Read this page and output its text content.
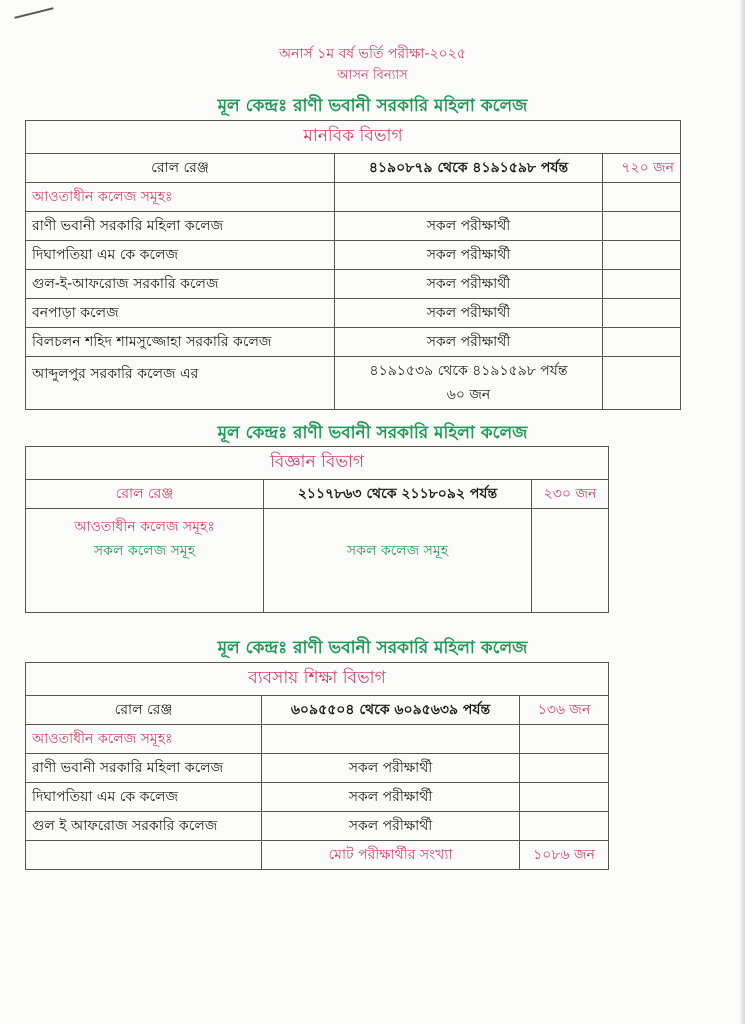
অনার্স ১ম বর্ষ ভর্তি পরীক্ষা-২০২৫
আসন বিন্যাস
মূল কেন্দ্রঃ রাণী ভবানী সরকারি মহিলা কলেজ
মানবিক বিভাগ		
রোল রেঞ্জ	৪১৯০৮৭৯ থেকে ৪১৯১৫৯৮ পর্যন্ত	৭২০ জন
আওতাধীন কলেজ সমূহঃ		
রাণী ভবানী সরকারি মহিলা কলেজ	সকল পরীক্ষার্থী	
দিঘাপতিয়া এম কে কলেজ	সকল পরীক্ষার্থী	
গুল-ই-আফরোজ সরকারি কলেজ	সকল পরীক্ষার্থী	
বনপাড়া কলেজ	সকল পরীক্ষার্থী	
বিলচলন শহিদ শামসুজ্জোহা সরকারি কলেজ	সকল পরীক্ষার্থী	
আব্দুলপুর সরকারি কলেজ এর	৪১৯১৫৩৯ থেকে ৪১৯১৫৯৮ পর্যন্ত
৬০ জন	

মূল কেন্দ্রঃ রাণী ভবানী সরকারি মহিলা কলেজ
বিজ্ঞান বিভাগ		
রোল রেঞ্জ	২১১৭৮৬৩ থেকে ২১১৮০৯২ পর্যন্ত	২৩০ জন

আওতাধীন কলেজ সমূহঃ
সকল কলেজ সমূহ	সকল কলেজ সমূহ	
মূল কেন্দ্রঃ রাণী ভবানী সরকারি মহিলা কলেজ
ব্যবসায় শিক্ষা বিভাগ		
রোল রেঞ্জ	৬০৯৫৫০৪ থেকে ৬০৯৫৬৩৯ পর্যন্ত	১৩৬ জন
আওতাধীন কলেজ সমূহঃ		
রাণী ভবানী সরকারি মহিলা কলেজ	সকল পরীক্ষার্থী	
দিঘাপতিয়া এম কে কলেজ	সকল পরীক্ষার্থী	
গুল ই আফরোজ সরকারি কলেজ	সকল পরীক্ষার্থী	
	মোট পরীক্ষার্থীর সংখ্যা	১০৮৬ জন
